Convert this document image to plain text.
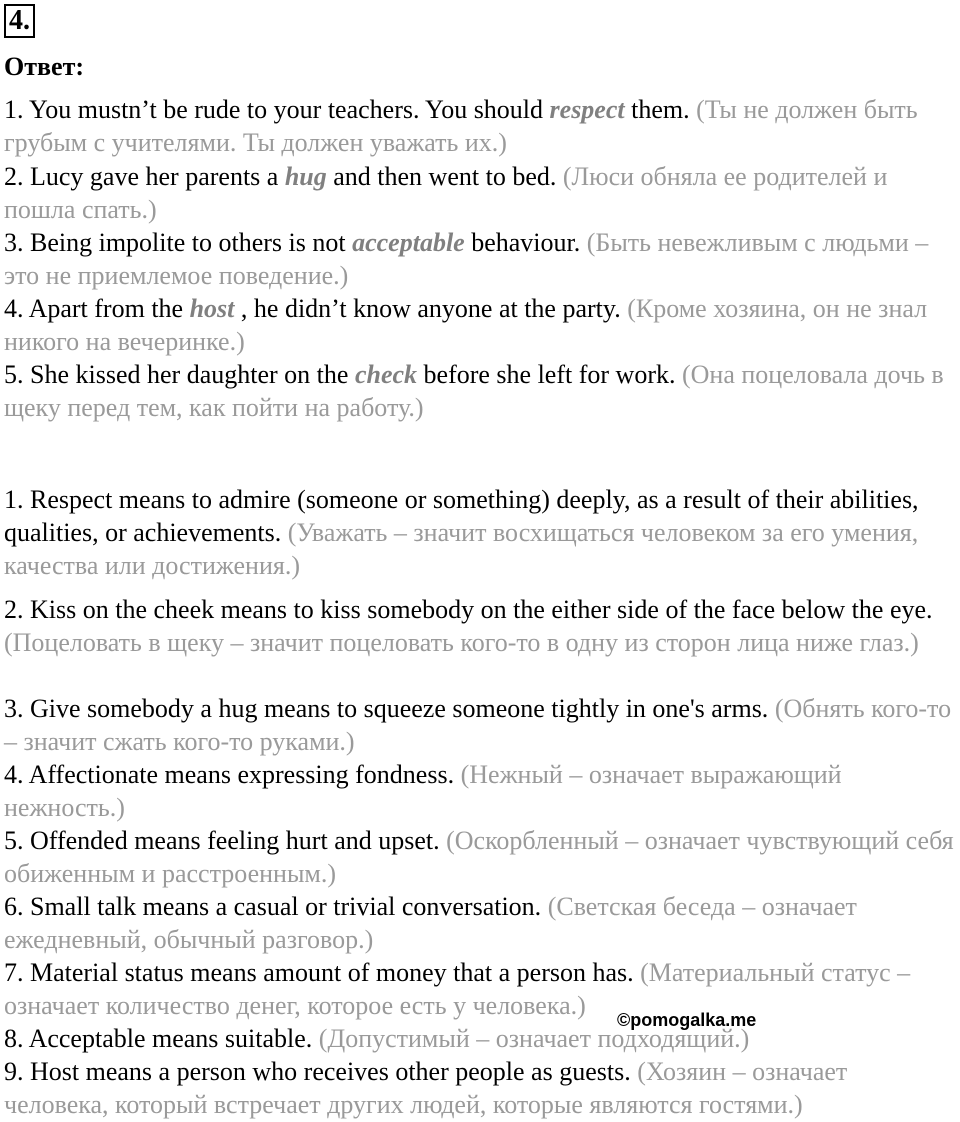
4.
Ответ:
1. You mustn’t be rude to your teachers. You should respect them. (Ты не должен быть грубым с учителями. Ты должен уважать их.)
2. Lucy gave her parents a hug and then went to bed. (Люси обняла ее родителей и пошла спать.)
3. Being impolite to others is not acceptable behaviour. (Быть невежливым с людьми – это не приемлемое поведение.)
4. Apart from the host , he didn’t know anyone at the party. (Кроме хозяина, он не знал никого на вечеринке.)
5. She kissed her daughter on the check before she left for work. (Она поцеловала дочь в щеку перед тем, как пойти на работу.)
1. Respect means to admire (someone or something) deeply, as a result of their abilities, qualities, or achievements. (Уважать – значит восхищаться человеком за его умения, качества или достижения.)
2. Kiss on the cheek means to kiss somebody on the either side of the face below the eye. (Поцеловать в щеку – значит поцеловать кого-то в одну из сторон лица ниже глаз.)
3. Give somebody a hug means to squeeze someone tightly in one's arms. (Обнять кого-то – значит сжать кого-то руками.)
4. Affectionate means expressing fondness. (Нежный – означает выражающий нежность.)
5. Offended means feeling hurt and upset. (Оскорбленный – означает чувствующий себя обиженным и расстроенным.)
6. Small talk means a casual or trivial conversation. (Светская беседа – означает ежедневный, обычный разговор.)
7. Material status means amount of money that a person has. (Материальный статус – означает количество денег, которое есть у человека.)
8. Acceptable means suitable. (Допустимый – означает подходящий.)
9. Host means a person who receives other people as guests. (Хозяин – означает человека, который встречает других людей, которые являются гостями.)
©pomogalka.me
